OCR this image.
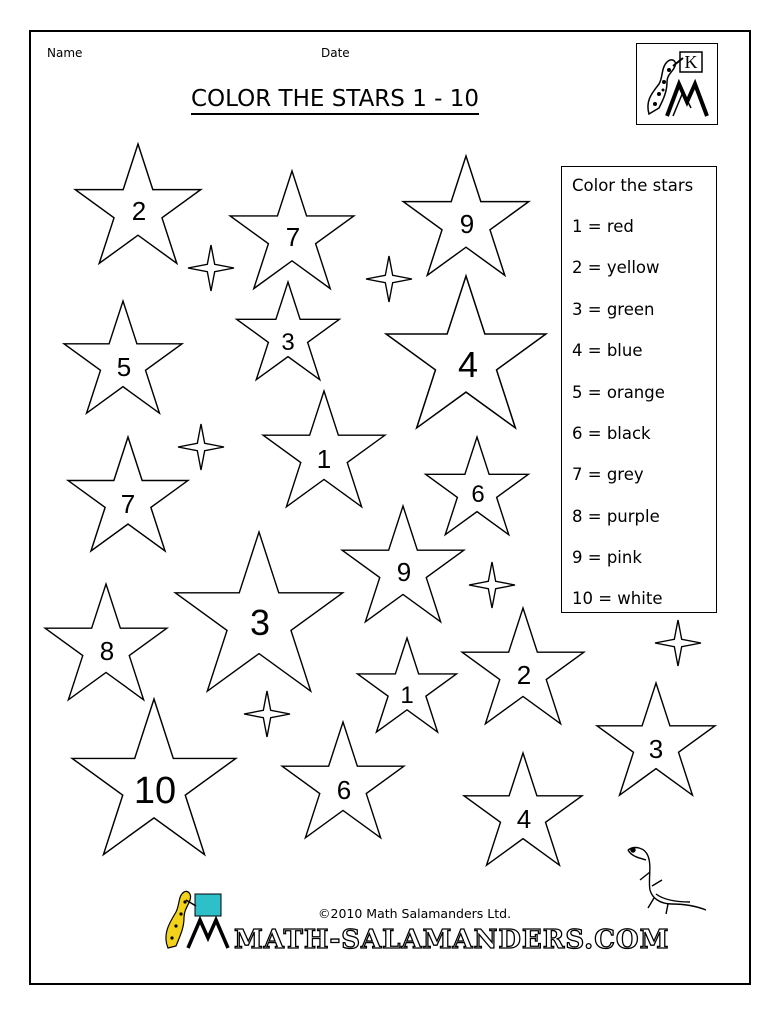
Name	Date
COLOR THE STARS 1 - 10
K
Color the stars
1 = red
2 = yellow
3 = green
4 = blue
5 = orange
6 = black
7 = grey
8 = purple
9 = pink
10 = white
2
7	9
5
3
4
1
7	6
9
3
8
2
1
3
10	6
4
©2010 Math Salamanders Ltd.
MATH-SALAMANDERS.COM
